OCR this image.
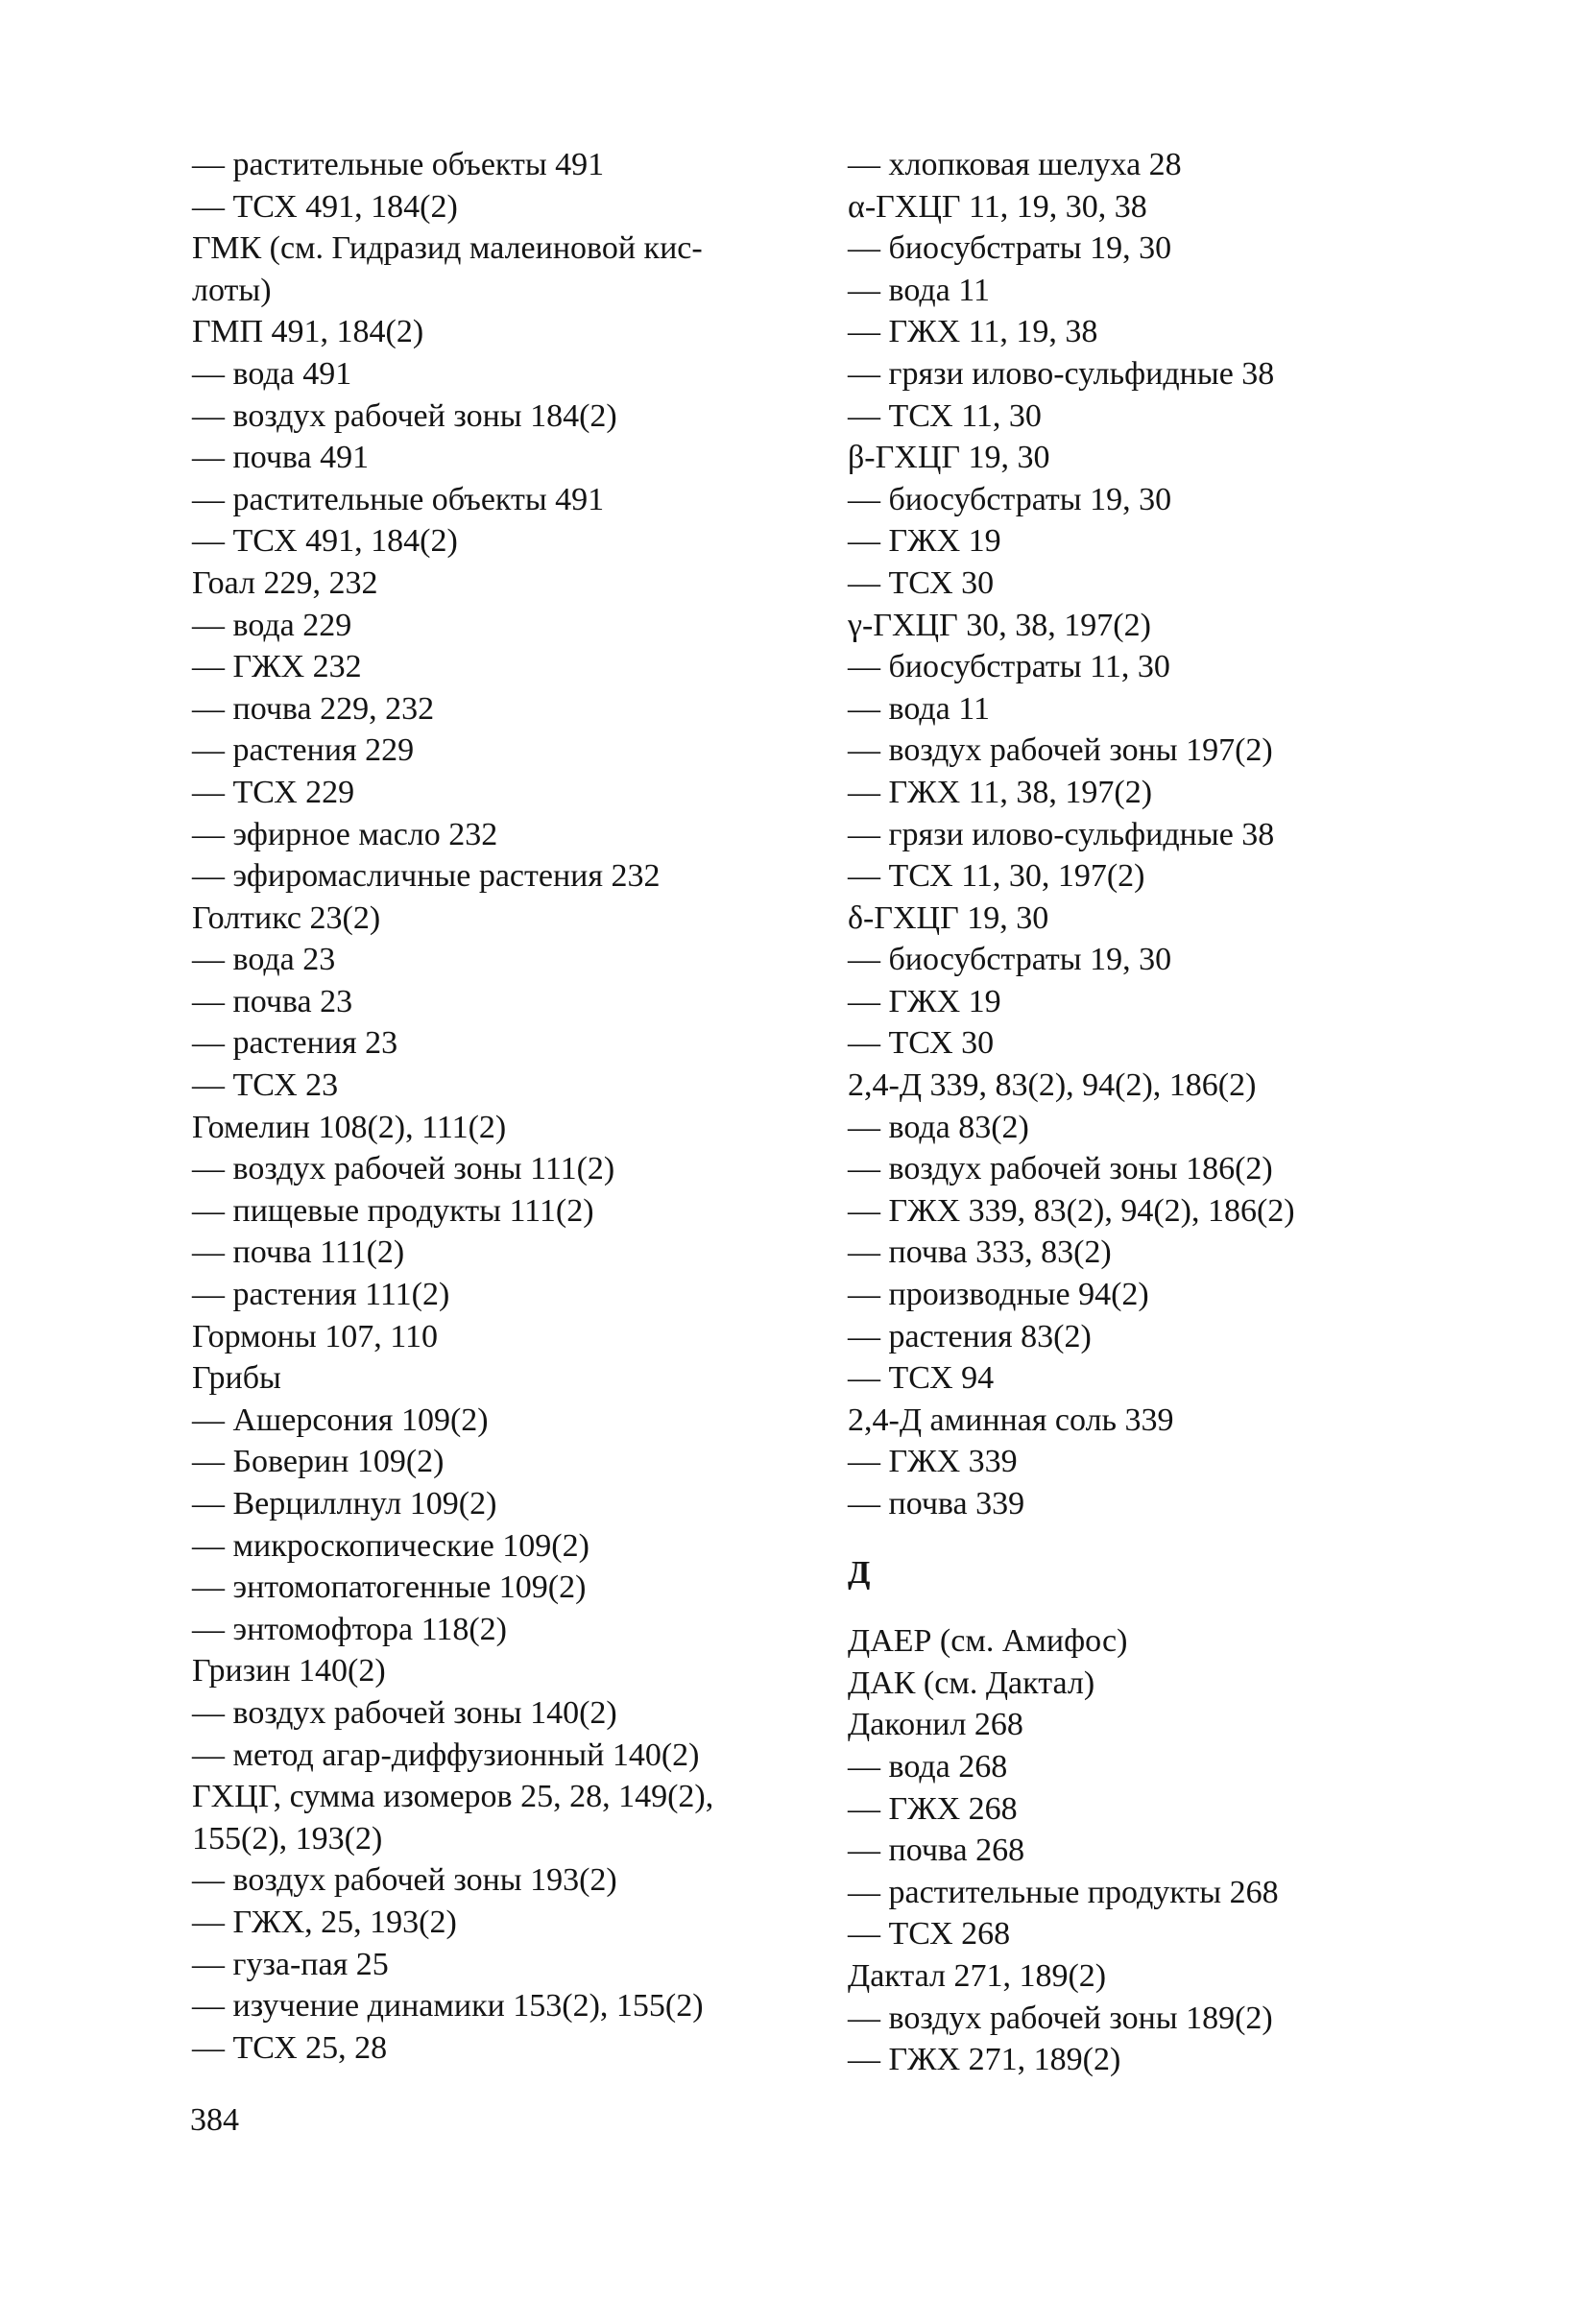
— растительные объекты 491
— ТСХ 491, 184(2)
ГМК (см. Гидразид малеиновой кис-
лоты)
ГМП 491, 184(2)
— вода 491
— воздух рабочей зоны 184(2)
— почва 491
— растительные объекты 491
— ТСХ 491, 184(2)
Гоал 229, 232
— вода 229
— ГЖХ 232
— почва 229, 232
— растения 229
— ТСХ 229
— эфирное масло 232
— эфиромасличные растения 232
Голтикс 23(2)
— вода 23
— почва 23
— растения 23
— ТСХ 23
Гомелин 108(2), 111(2)
— воздух рабочей зоны 111(2)
— пищевые продукты 111(2)
— почва 111(2)
— растения 111(2)
Гормоны 107, 110
Грибы
— Ашерсония 109(2)
— Боверин 109(2)
— Верциллнул 109(2)
— микроскопические 109(2)
— энтомопатогенные 109(2)
— энтомофтора 118(2)
Гризин 140(2)
— воздух рабочей зоны 140(2)
— метод агар-диффузионный 140(2)
ГХЦГ, сумма изомеров 25, 28, 149(2),
155(2), 193(2)
— воздух рабочей зоны 193(2)
— ГЖХ, 25, 193(2)
— гуза-пая 25
— изучение динамики 153(2), 155(2)
— ТСХ 25, 28
— хлопковая шелуха 28
α-ГХЦГ 11, 19, 30, 38
— биосубстраты 19, 30
— вода 11
— ГЖХ 11, 19, 38
— грязи илово-сульфидные 38
— ТСХ 11, 30
β-ГХЦГ 19, 30
— биосубстраты 19, 30
— ГЖХ 19
— ТСХ 30
γ-ГХЦГ 30, 38, 197(2)
— биосубстраты 11, 30
— вода 11
— воздух рабочей зоны 197(2)
— ГЖХ 11, 38, 197(2)
— грязи илово-сульфидные 38
— ТСХ 11, 30, 197(2)
δ-ГХЦГ 19, 30
— биосубстраты 19, 30
— ГЖХ 19
— ТСХ 30
2,4-Д 339, 83(2), 94(2), 186(2)
— вода 83(2)
— воздух рабочей зоны 186(2)
— ГЖХ 339, 83(2), 94(2), 186(2)
— почва 333, 83(2)
— производные 94(2)
— растения 83(2)
— ТСХ 94
2,4-Д аминная соль 339
— ГЖХ 339
— почва 339
Д
ДАЕР (см. Амифос)
ДАК (см. Дактал)
Даконил 268
— вода 268
— ГЖХ 268
— почва 268
— растительные продукты 268
— ТСХ 268
Дактал 271, 189(2)
— воздух рабочей зоны 189(2)
— ГЖХ 271, 189(2)
384
